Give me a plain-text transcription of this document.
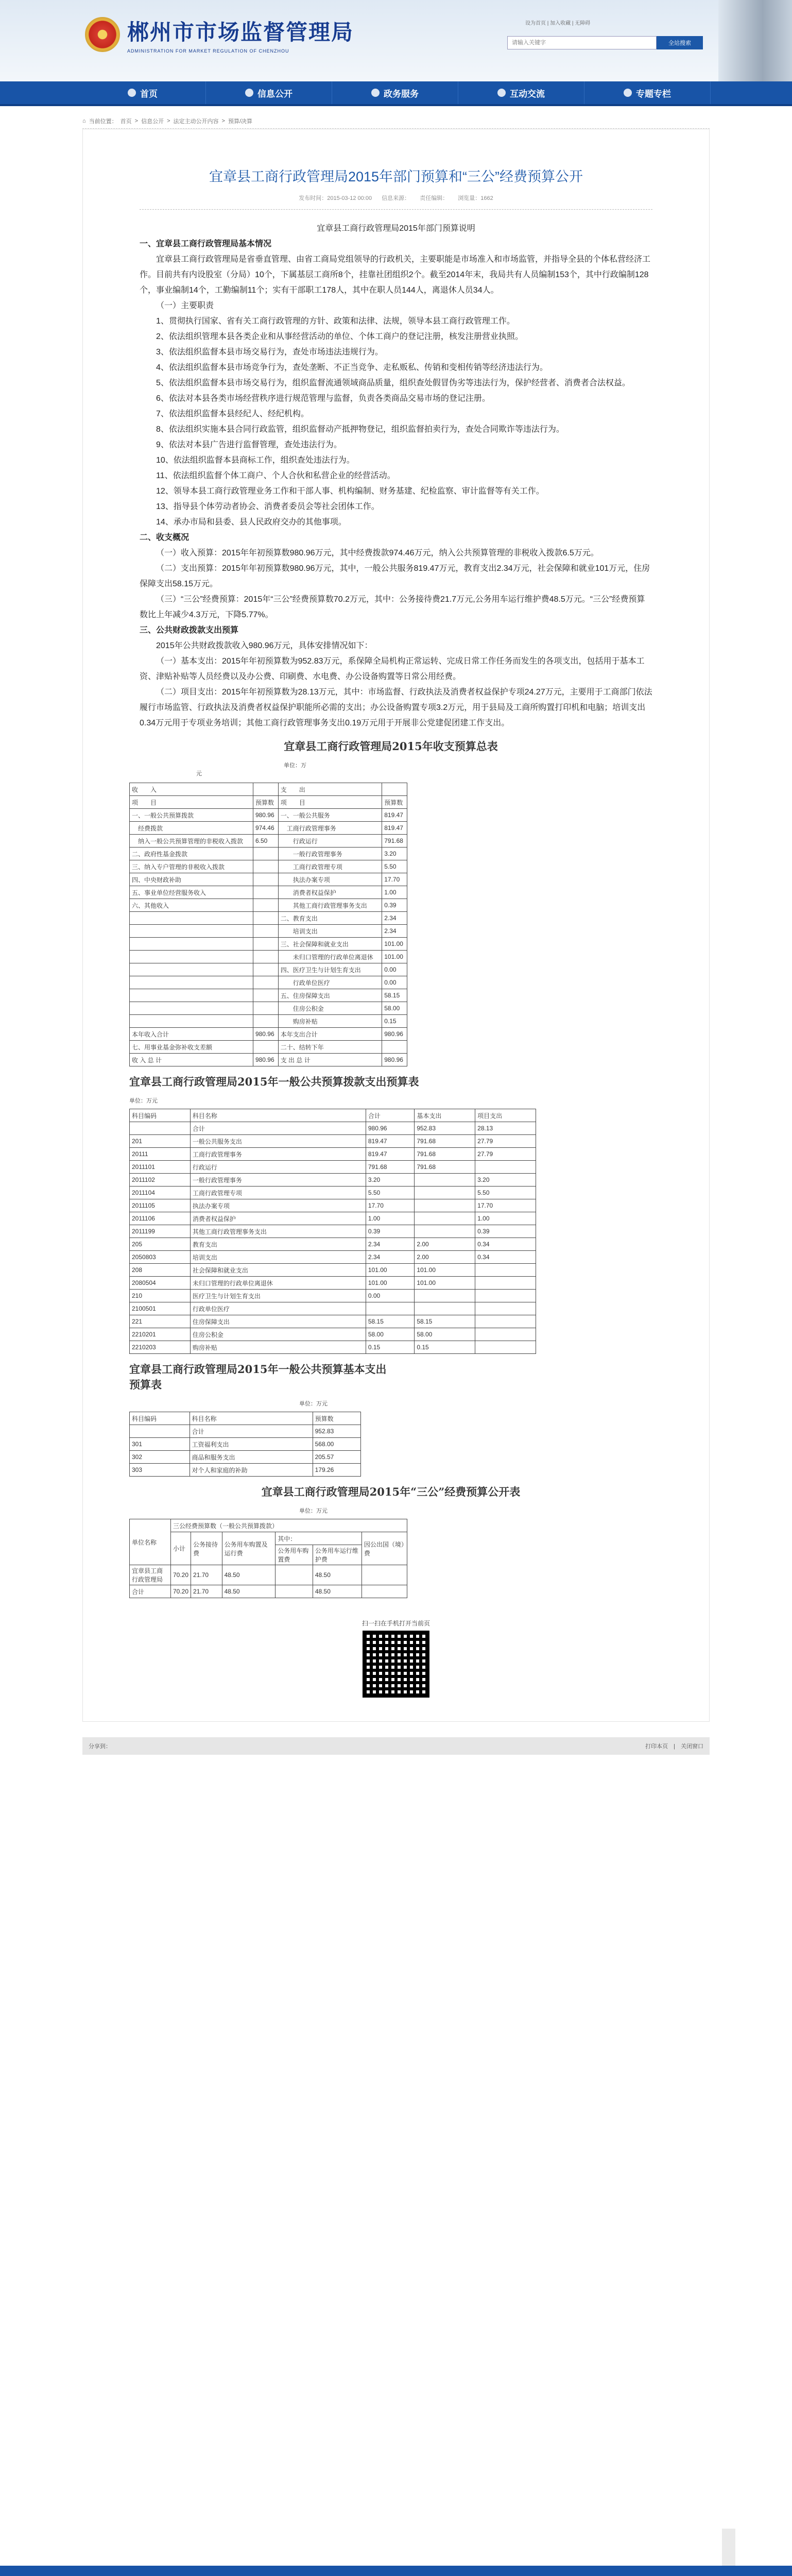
郴州市市场监督管理局
ADMINISTRATION FOR MARKET REGULATION OF CHENZHOU
设为首页 | 加入收藏 | 无障碍
请输入关键字
全站搜索
首页	信息公开	政务服务	互动交流	专题专栏
⌂ 当前位置： 首页 > 信息公开 > 法定主动公开内容 > 预算/决算
宜章县工商行政管理局2015年部门预算和“三公”经费预算公开
发布时间：2015-03-12 00:00 信息来源： 责任编辑： 浏览量：1662

宜章县工商行政管理局2015年部门预算说明

一、宜章县工商行政管理局基本情况

宜章县工商行政管理局是省垂直管理、由省工商局党组领导的行政机关，主要职能是市场准入和市场监管，并指导全县的个体私营经济工作。目前共有内设股室（分局）10个，下属基层工商所8个，挂靠社团组织2个。截至2014年末，我局共有人员编制153个，其中行政编制128个，事业编制14个，工勤编制11个；实有干部职工178人，其中在职人员144人，离退休人员34人。

（一）主要职责

1、贯彻执行国家、省有关工商行政管理的方针、政策和法律、法规，领导本县工商行政管理工作。

2、依法组织管理本县各类企业和从事经营活动的单位、个体工商户的登记注册，核发注册营业执照。

3、依法组织监督本县市场交易行为，查处市场违法违规行为。

4、依法组织监督本县市场竞争行为，查处垄断、不正当竞争、走私贩私、传销和变相传销等经济违法行为。

5、依法组织监督本县市场交易行为，组织监督流通领域商品质量，组织查处假冒伪劣等违法行为，保护经营者、消费者合法权益。

6、依法对本县各类市场经营秩序进行规范管理与监督，负责各类商品交易市场的登记注册。

7、依法组织监督本县经纪人、经纪机构。

8、依法组织实施本县合同行政监管，组织监督动产抵押物登记，组织监督拍卖行为，查处合同欺诈等违法行为。

9、依法对本县广告进行监督管理，查处违法行为。

10、依法组织监督本县商标工作，组织查处违法行为。

11、依法组织监督个体工商户、个人合伙和私营企业的经营活动。

12、领导本县工商行政管理业务工作和干部人事、机构编制、财务基建、纪检监察、审计监督等有关工作。

13、指导县个体劳动者协会、消费者委员会等社会团体工作。

14、承办市局和县委、县人民政府交办的其他事项。

二、收支概况

（一）收入预算：2015年年初预算数980.96万元，其中经费拨款974.46万元，纳入公共预算管理的非税收入拨款6.5万元。

（二）支出预算：2015年年初预算数980.96万元，其中，一般公共服务819.47万元，教育支出2.34万元，社会保障和就业101万元，住房保障支出58.15万元。

（三）“三公”经费预算：2015年“三公”经费预算数70.2万元，其中：公务接待费21.7万元,公务用车运行维护费48.5万元。“三公”经费预算数比上年减少4.3万元，下降5.77%。

三、公共财政拨款支出预算

2015年公共财政拨款收入980.96万元，具体安排情况如下：

（一）基本支出：2015年年初预算数为952.83万元，系保障全局机构正常运转、完成日常工作任务而发生的各项支出，包括用于基本工资、津贴补贴等人员经费以及办公费、印刷费、水电费、办公设备购置等日常公用经费。

（二）项目支出：2015年年初预算数为28.13万元，其中：市场监督、行政执法及消费者权益保护专项24.27万元，主要用于工商部门依法履行市场监管、行政执法及消费者权益保护职能所必需的支出；办公设备购置专项3.2万元，用于县局及工商所购置打印机和电脑；培训支出0.34万元用于专项业务培训；其他工商行政管理事务支出0.19万元用于开展非公党建促团建工作支出。

宜章县工商行政管理局2015年收支预算总表
单位：万
元
收　　入		支　　出	
项　　目	预算数	项　　目	预算数
一、一般公共预算拨款	980.96	一、一般公共服务	819.47
　经费拨款	974.46	　工商行政管理事务	819.47
　纳入一般公共预算管理的非税收入拨款	6.50	　　行政运行	791.68
二、政府性基金拨款		　　一般行政管理事务	3.20
三、纳入专户管理的非税收入拨款		　　工商行政管理专项	5.50
四、中央财政补助		　　执法办案专项	17.70
五、事业单位经营服务收入		　　消费者权益保护	1.00
六、其他收入		　　其他工商行政管理事务支出	0.39
		二、教育支出	2.34
		　　培训支出	2.34
		三、社会保障和就业支出	101.00
		　　未归口管理的行政单位离退休	101.00
		四、医疗卫生与计划生育支出	0.00
		　　行政单位医疗	0.00
		五、住房保障支出	58.15
		　　住房公积金	58.00
		　　购房补贴	0.15
本年收入合计	980.96	本年支出合计	980.96
七、用事业基金弥补收支差额		二十、结转下年	
收 入 总 计	980.96	支 出 总 计	980.96
宜章县工商行政管理局2015年一般公共预算拨款支出预算表
单位：万元
科目编码	科目名称	合计	基本支出	项目支出
	合计	980.96	952.83	28.13
201	一般公共服务支出	819.47	791.68	27.79
20111	工商行政管理事务	819.47	791.68	27.79
2011101	行政运行	791.68	791.68	
2011102	一般行政管理事务	3.20		3.20
2011104	工商行政管理专项	5.50		5.50
2011105	执法办案专项	17.70		17.70
2011106	消费者权益保护	1.00		1.00
2011199	其他工商行政管理事务支出	0.39		0.39
205	教育支出	2.34	2.00	0.34
2050803	培训支出	2.34	2.00	0.34
208	社会保障和就业支出	101.00	101.00	
2080504	未归口管理的行政单位离退休	101.00	101.00	
210	医疗卫生与计划生育支出	0.00		
2100501	行政单位医疗			
221	住房保障支出	58.15	58.15	
2210201	住房公积金	58.00	58.00	
2210203	购房补贴	0.15	0.15	
宜章县工商行政管理局2015年一般公共预算基本支出预算表
单位：万元
科目编码	科目名称	预算数
	合计	952.83
301	工资福利支出	568.00
302	商品和服务支出	205.57
303	对个人和家庭的补助	179.26
宜章县工商行政管理局2015年“三公”经费预算公开表
单位：万元
单位名称	三公经费预算数（一般公共预算拨款）					
	小计	公务接待费	公务用车购置及运行费	其中：		因公出国（境）费
				公务用车购置费	公务用车运行维护费	
宜章县工商行政管理局	70.20	21.70	48.50		48.50	
合计	70.20	21.70	48.50		48.50	
扫一扫在手机打开当前页
分享到：	打印本页　|　关闭窗口
